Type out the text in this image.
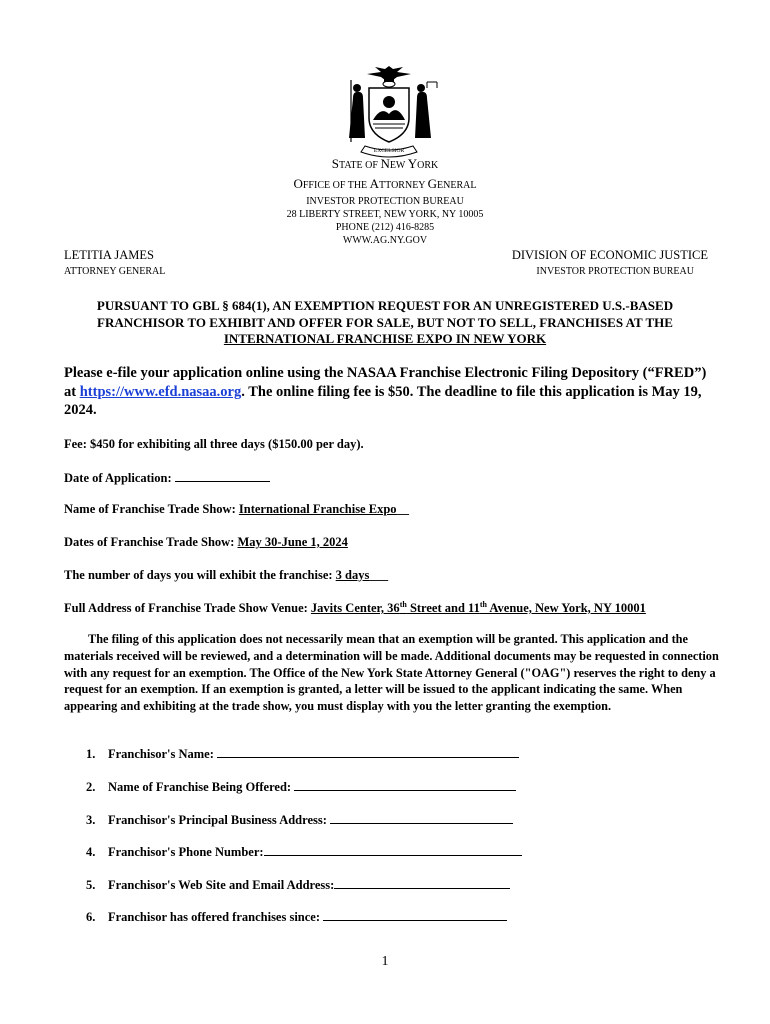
EXCELSIOR
STATE OF NEW YORK
OFFICE OF THE ATTORNEY GENERAL
INVESTOR PROTECTION BUREAU
28 LIBERTY STREET, NEW YORK, NY 10005
PHONE (212) 416-8285
WWW.AG.NY.GOV
LETITIA JAMES
ATTORNEY GENERAL
DIVISION OF ECONOMIC JUSTICE
INVESTOR PROTECTION BUREAU
PURSUANT TO GBL § 684(1), AN EXEMPTION REQUEST FOR AN UNREGISTERED U.S.-BASED
FRANCHISOR TO EXHIBIT AND OFFER FOR SALE, BUT NOT TO SELL, FRANCHISES AT THE
INTERNATIONAL FRANCHISE EXPO IN NEW YORK
Please e-file your application online using the NASAA Franchise Electronic Filing Depository (“FRED”) at https://www.efd.nasaa.org. The online filing fee is $50. The deadline to file this application is May 19, 2024.
Fee: $450 for exhibiting all three days ($150.00 per day).
Date of Application:
Name of Franchise Trade Show: International Franchise Expo__
Dates of Franchise Trade Show: May 30-June 1, 2024
The number of days you will exhibit the franchise: 3 days___
Full Address of Franchise Trade Show Venue: Javits Center, 36th Street and 11th Avenue, New York, NY 10001
The filing of this application does not necessarily mean that an exemption will be granted. This application and the materials received will be reviewed, and a determination will be made. Additional documents may be requested in connection with any request for an exemption. The Office of the New York State Attorney General ("OAG") reserves the right to deny a request for an exemption. If an exemption is granted, a letter will be issued to the applicant indicating the same. When appearing and exhibiting at the trade show, you must display with you the letter granting the exemption.
1. Franchisor's Name:
2. Name of Franchise Being Offered:
3. Franchisor's Principal Business Address:
4. Franchisor's Phone Number:
5. Franchisor's Web Site and Email Address:
6. Franchisor has offered franchises since:
1
